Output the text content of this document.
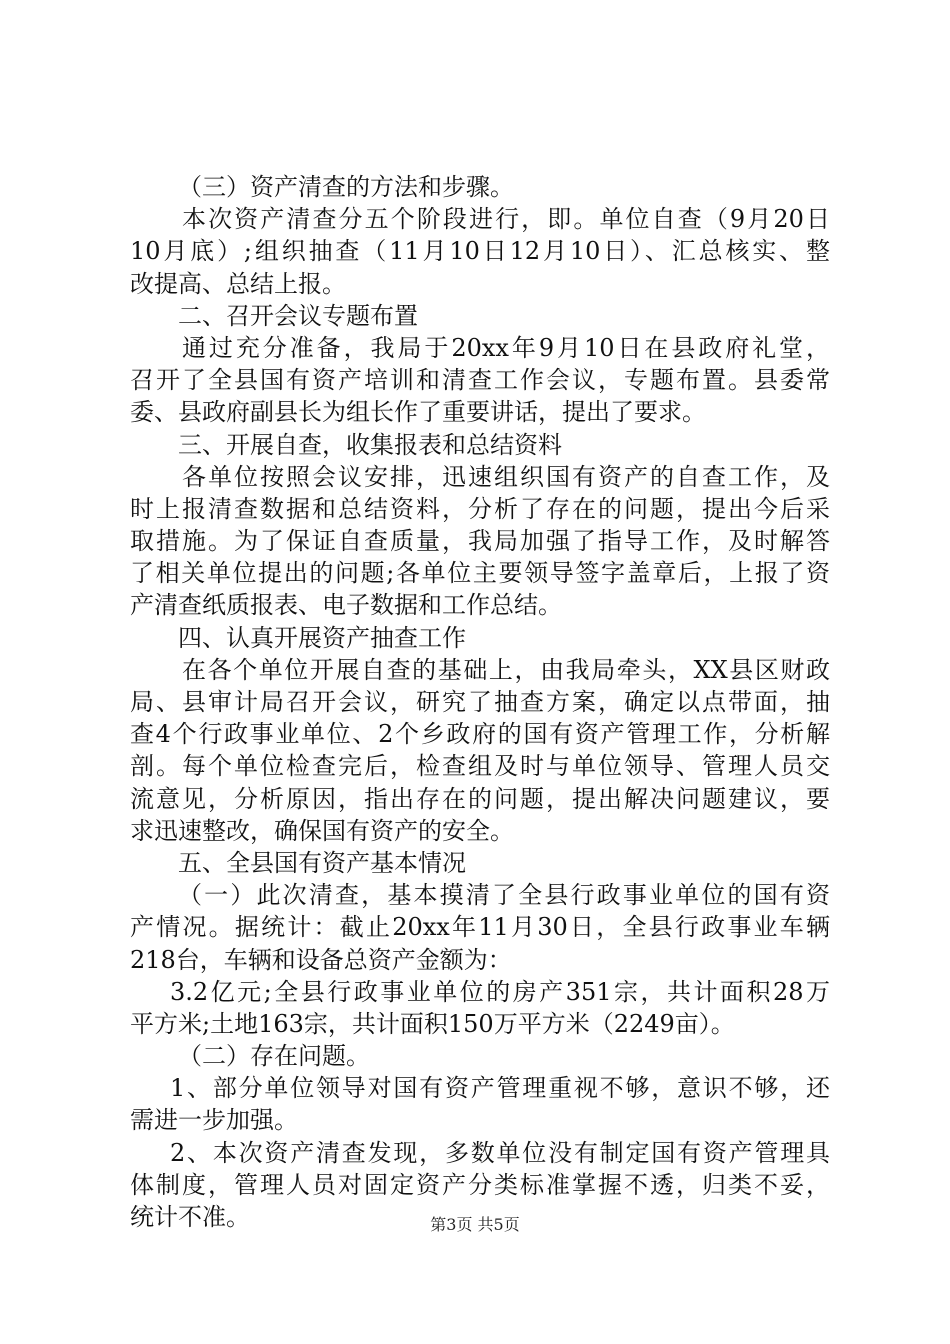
（三）资产清查的方法和步骤。
本次资产清查分五个阶段进行，即。单位自查（9月20日
10月底）;组织抽查（11月10日12月10日）、汇总核实、整
改提高、总结上报。
二、召开会议专题布置
通过充分准备，我局于20xx年9月10日在县政府礼堂，
召开了全县国有资产培训和清查工作会议，专题布置。县委常
委、县政府副县长为组长作了重要讲话，提出了要求。
三、开展自查，收集报表和总结资料
各单位按照会议安排，迅速组织国有资产的自查工作，及
时上报清查数据和总结资料，分析了存在的问题，提出今后采
取措施。为了保证自查质量，我局加强了指导工作，及时解答
了相关单位提出的问题;各单位主要领导签字盖章后，上报了资
产清查纸质报表、电子数据和工作总结。
四、认真开展资产抽查工作
在各个单位开展自查的基础上，由我局牵头，XX县区财政
局、县审计局召开会议，研究了抽查方案，确定以点带面，抽
查4个行政事业单位、2个乡政府的国有资产管理工作，分析解
剖。每个单位检查完后，检查组及时与单位领导、管理人员交
流意见，分析原因，指出存在的问题，提出解决问题建议，要
求迅速整改，确保国有资产的安全。
五、全县国有资产基本情况
（一）此次清查，基本摸清了全县行政事业单位的国有资
产情况。据统计：截止20xx年11月30日，全县行政事业车辆
218台，车辆和设备总资产金额为：
3.2亿元;全县行政事业单位的房产351宗，共计面积28万
平方米;土地163宗，共计面积150万平方米（2249亩）。
（二）存在问题。
1、部分单位领导对国有资产管理重视不够，意识不够，还
需进一步加强。
2、本次资产清查发现，多数单位没有制定国有资产管理具
体制度，管理人员对固定资产分类标准掌握不透，归类不妥，
统计不准。	第3页 共5页
